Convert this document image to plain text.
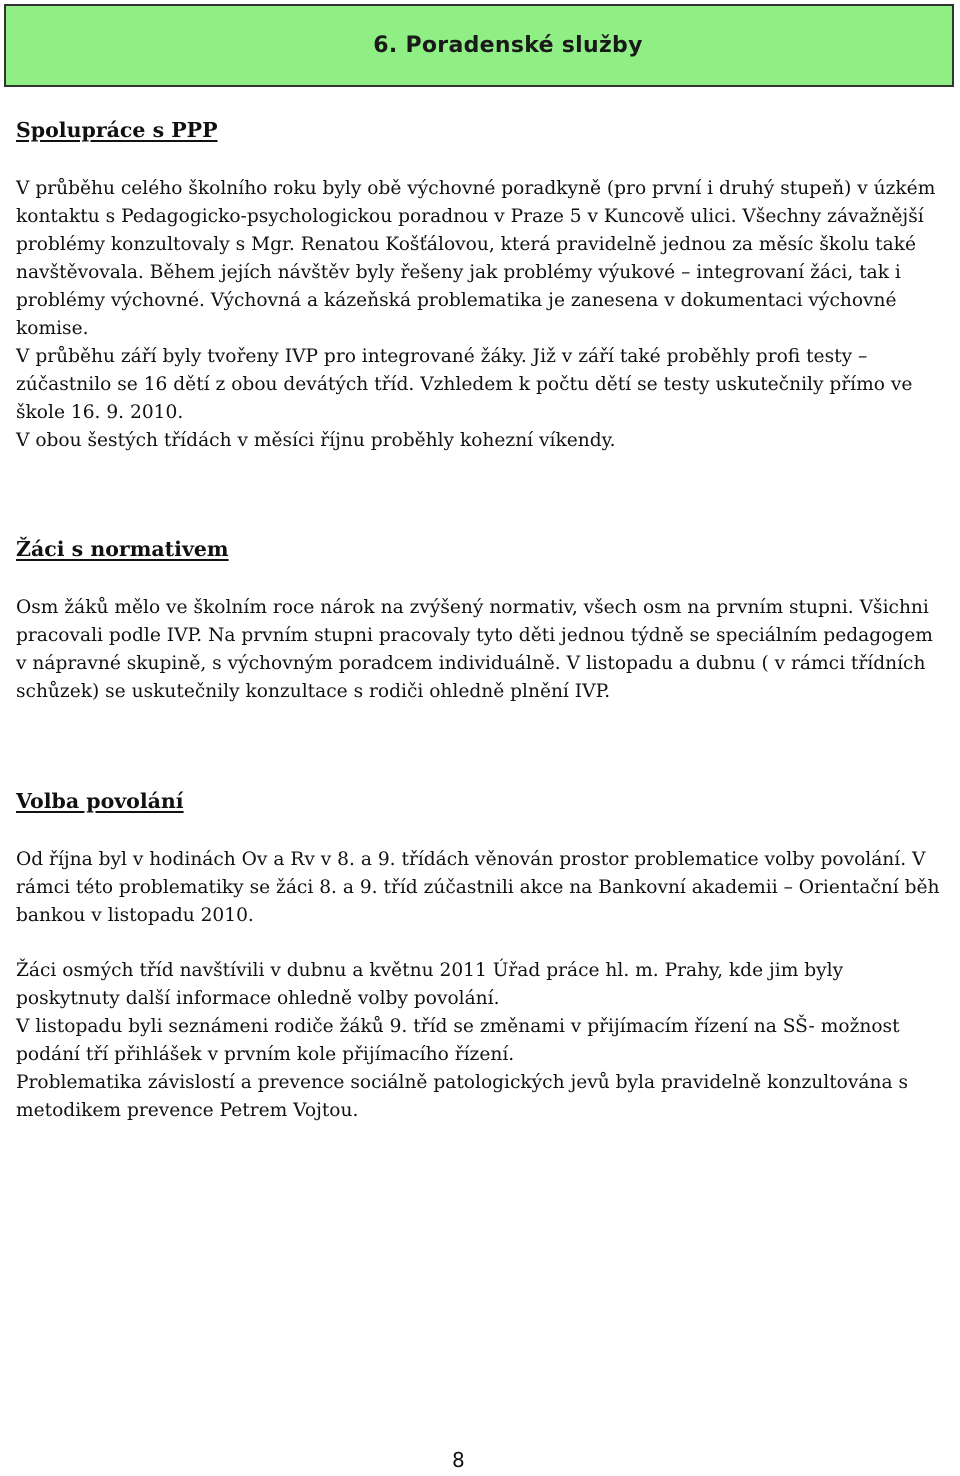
6. Poradenské služby
Spolupráce s PPP

V průběhu celého školního roku byly obě výchovné poradkyně (pro první i druhý stupeň) v úzkém kontaktu s Pedagogicko-psychologickou poradnou v Praze 5 v Kuncově ulici. Všechny závažnější problémy konzultovaly s Mgr. Renatou Košťálovou, která pravidelně jednou za měsíc školu také navštěvovala. Během jejích návštěv byly řešeny jak problémy výukové – integrovaní žáci, tak i problémy výchovné. Výchovná a kázeňská problematika je zanesena v dokumentaci výchovné komise.

V průběhu září byly tvořeny IVP pro integrované žáky. Již v září také proběhly profi testy – zúčastnilo se 16 dětí z obou devátých tříd. Vzhledem k počtu dětí se testy uskutečnily přímo ve škole 16. 9. 2010.

V obou šestých třídách v měsíci říjnu proběhly kohezní víkendy.

Žáci s normativem

Osm žáků mělo ve školním roce nárok na zvýšený normativ, všech osm na prvním stupni. Všichni pracovali podle IVP. Na prvním stupni pracovaly tyto děti jednou týdně se speciálním pedagogem v nápravné skupině, s výchovným poradcem individuálně. V listopadu a dubnu ( v rámci třídních schůzek) se uskutečnily konzultace s rodiči ohledně plnění IVP.

Volba povolání

Od října byl v hodinách Ov a Rv v 8. a 9. třídách věnován prostor problematice volby povolání. V rámci této problematiky se žáci 8. a 9. tříd zúčastnili akce na Bankovní akademii – Orientační běh bankou v listopadu 2010.

Žáci osmých tříd navštívili v dubnu a květnu 2011 Úřad práce hl. m. Prahy, kde jim byly poskytnuty další informace ohledně volby povolání.

V listopadu byli seznámeni rodiče žáků 9. tříd se změnami v přijímacím řízení na SŠ- možnost podání tří přihlášek v prvním kole přijímacího řízení.

Problematika závislostí a prevence sociálně patologických jevů byla pravidelně konzultována s metodikem prevence Petrem Vojtou.

8
